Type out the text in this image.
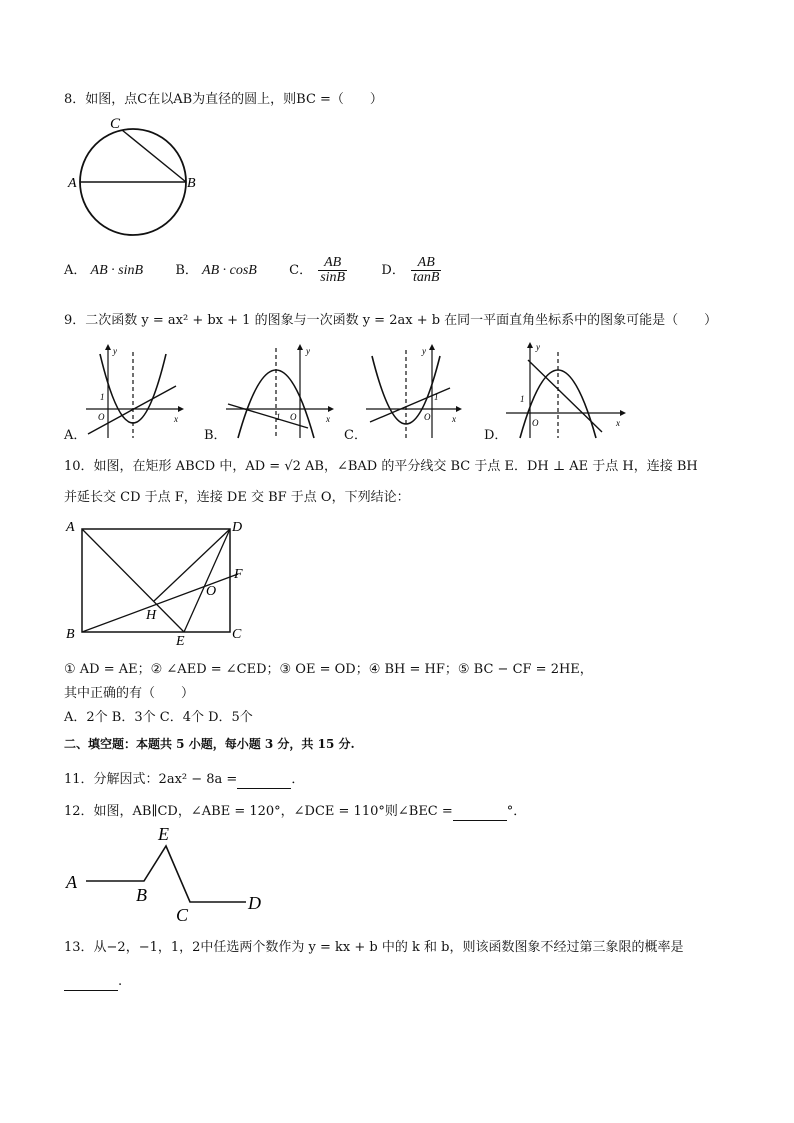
8．如图，点C在以AB为直径的圆上，则BC =（　　）
C
A	B
A． AB · sinB B． AB · cosB C． $\frac{AB}{\sin B}$	D． $\frac{AB}{\tan B}$
9．二次函数 y = ax² + bx + 1 的图象与一次函数 y = 2ax + b 在同一平面直角坐标系中的图象可能是（　　）
y
x
O
1
A．
y
x
O
1
B．
y
x
O
1
C．
y
x
O
1
D．
10．如图，在矩形 ABCD 中，AD = √2 AB，∠BAD 的平分线交 BC 于点 E．DH ⊥ AE 于点 H，连接 BH
并延长交 CD 于点 F，连接 DE 交 BF 于点 O，下列结论：
A	D
F
O
H
B	E	C
① AD = AE；② ∠AED = ∠CED；③ OE = OD；④ BH = HF；⑤ BC − CF = 2HE，
其中正确的有（　　）
A．2个 B．3个 C．4个 D．5个
二、填空题：本题共 5 小题，每小题 3 分，共 15 分.
11．分解因式：2ax² − 8a =	．
12．如图，AB∥CD，∠ABE = 120°，∠DCE = 110°则∠BEC =	°．
E
A
B
C
D
13．从−2，−1，1，2中任选两个数作为 y = kx + b 中的 k 和 b，则该函数图象不经过第三象限的概率是
.
